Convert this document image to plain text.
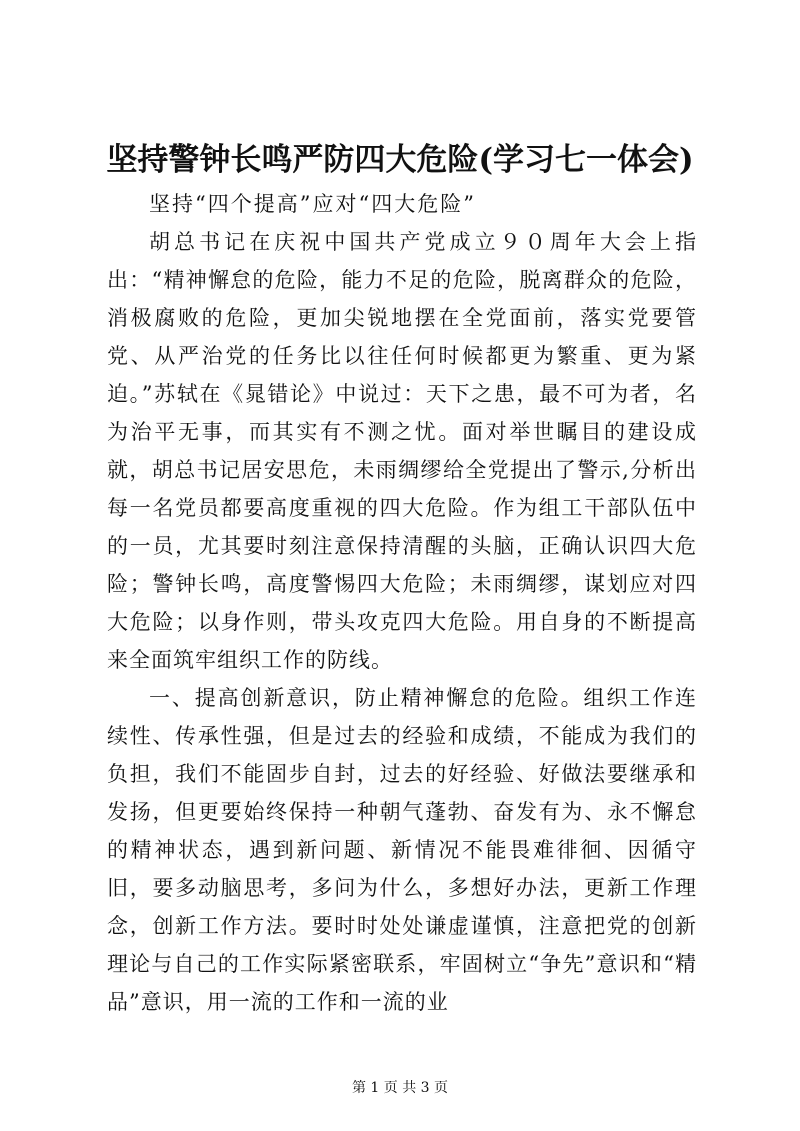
坚持警钟长鸣严防四大危险(学习七一体会)

坚持“四个提高”应对“四大危险”

胡总书记在庆祝中国共产党成立９０周年大会上指出：“精神懈怠的危险，能力不足的危险，脱离群众的危险，消极腐败的危险，更加尖锐地摆在全党面前，落实党要管党、从严治党的任务比以往任何时候都更为繁重、更为紧迫。”苏轼在《晁错论》中说过：天下之患，最不可为者，名为治平无事，而其实有不测之忧。面对举世瞩目的建设成就，胡总书记居安思危，未雨绸缪给全党提出了警示,分析出每一名党员都要高度重视的四大危险。作为组工干部队伍中的一员，尤其要时刻注意保持清醒的头脑，正确认识四大危险；警钟长鸣，高度警惕四大危险；未雨绸缪，谋划应对四大危险；以身作则，带头攻克四大危险。用自身的不断提高来全面筑牢组织工作的防线。

一、提高创新意识，防止精神懈怠的危险。组织工作连续性、传承性强，但是过去的经验和成绩，不能成为我们的负担，我们不能固步自封，过去的好经验、好做法要继承和发扬，但更要始终保持一种朝气蓬勃、奋发有为、永不懈怠的精神状态，遇到新问题、新情况不能畏难徘徊、因循守旧，要多动脑思考，多问为什么，多想好办法，更新工作理念，创新工作方法。要时时处处谦虚谨慎，注意把党的创新理论与自己的工作实际紧密联系，牢固树立“争先”意识和“精品”意识，用一流的工作和一流的业

第 1 页 共 3 页
